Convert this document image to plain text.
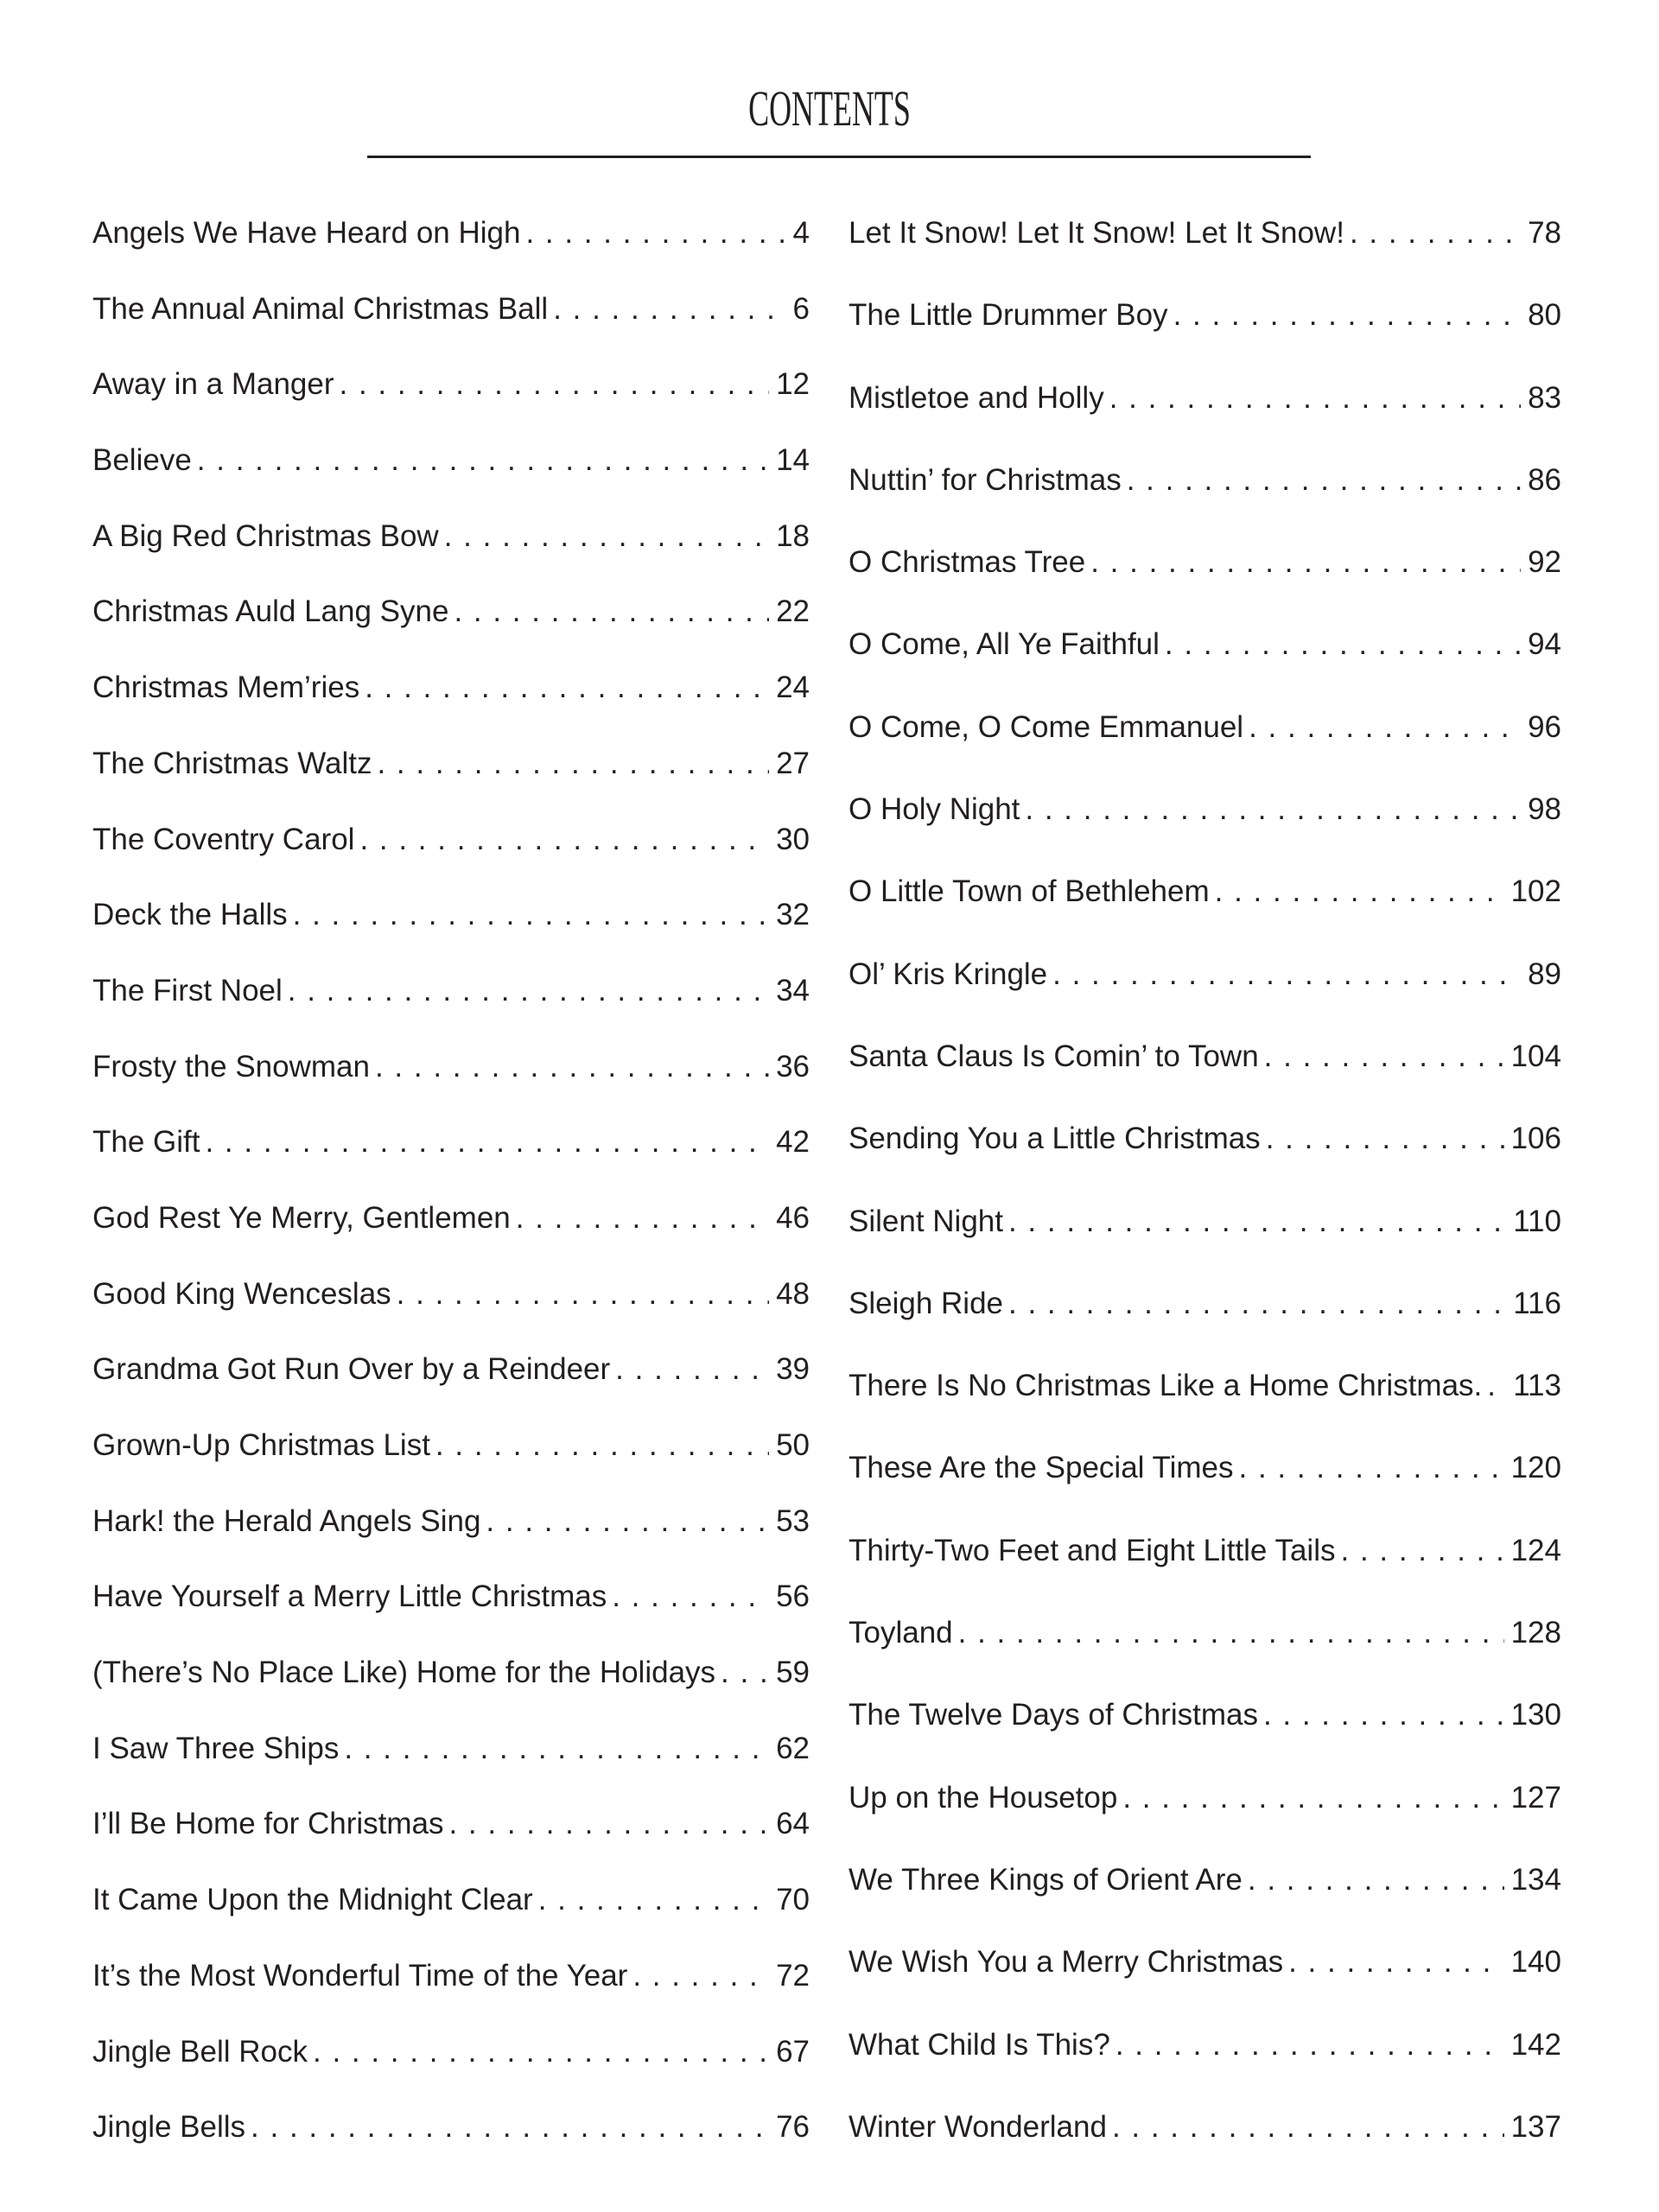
CONTENTS
Angels We Have Heard on High . . .	4
The Annual Animal Christmas Ball . . .	6
Away in a Manger . . .	12
Believe . . .	14
A Big Red Christmas Bow . . .	18
Christmas Auld Lang Syne . . .	22
Christmas Mem’ries . . .	24
The Christmas Waltz . . .	27
The Coventry Carol . . .	30
Deck the Halls . . .	32
The First Noel . . .	34
Frosty the Snowman . . .	36
The Gift . . .	42
God Rest Ye Merry, Gentlemen . . .	46
Good King Wenceslas . . .	48
Grandma Got Run Over by a Reindeer . . .	39
Grown-Up Christmas List . . .	50
Hark! the Herald Angels Sing . . .	53
Have Yourself a Merry Little Christmas . . .	56
(There’s No Place Like) Home for the Holidays . . . 59
I Saw Three Ships . . .	62
I’ll Be Home for Christmas . . .	64
It Came Upon the Midnight Clear . . .	70
It’s the Most Wonderful Time of the Year . . .	72
Jingle Bell Rock . . .	67
Jingle Bells . . .	76
Let It Snow! Let It Snow! Let It Snow! . . .	78
The Little Drummer Boy . . .	80
Mistletoe and Holly . . .	83
Nuttin’ for Christmas . . .	86
O Christmas Tree . . .	92
O Come, All Ye Faithful . . .	94
O Come, O Come Emmanuel . . .	96
O Holy Night . . .	98
O Little Town of Bethlehem . . .	102
Ol’ Kris Kringle . . .	89
Santa Claus Is Comin’ to Town . . .	104
Sending You a Little Christmas . . .	106
Silent Night . . .	110
Sleigh Ride . . .	116
There Is No Christmas Like a Home Christmas. . . . 113
These Are the Special Times . . .	120
Thirty-Two Feet and Eight Little Tails . . .	124
Toyland . . .	128
The Twelve Days of Christmas . . .	130
Up on the Housetop . . .	127
We Three Kings of Orient Are . . .	134
We Wish You a Merry Christmas . . .	140
What Child Is This? . . .	142
Winter Wonderland . . .	137
